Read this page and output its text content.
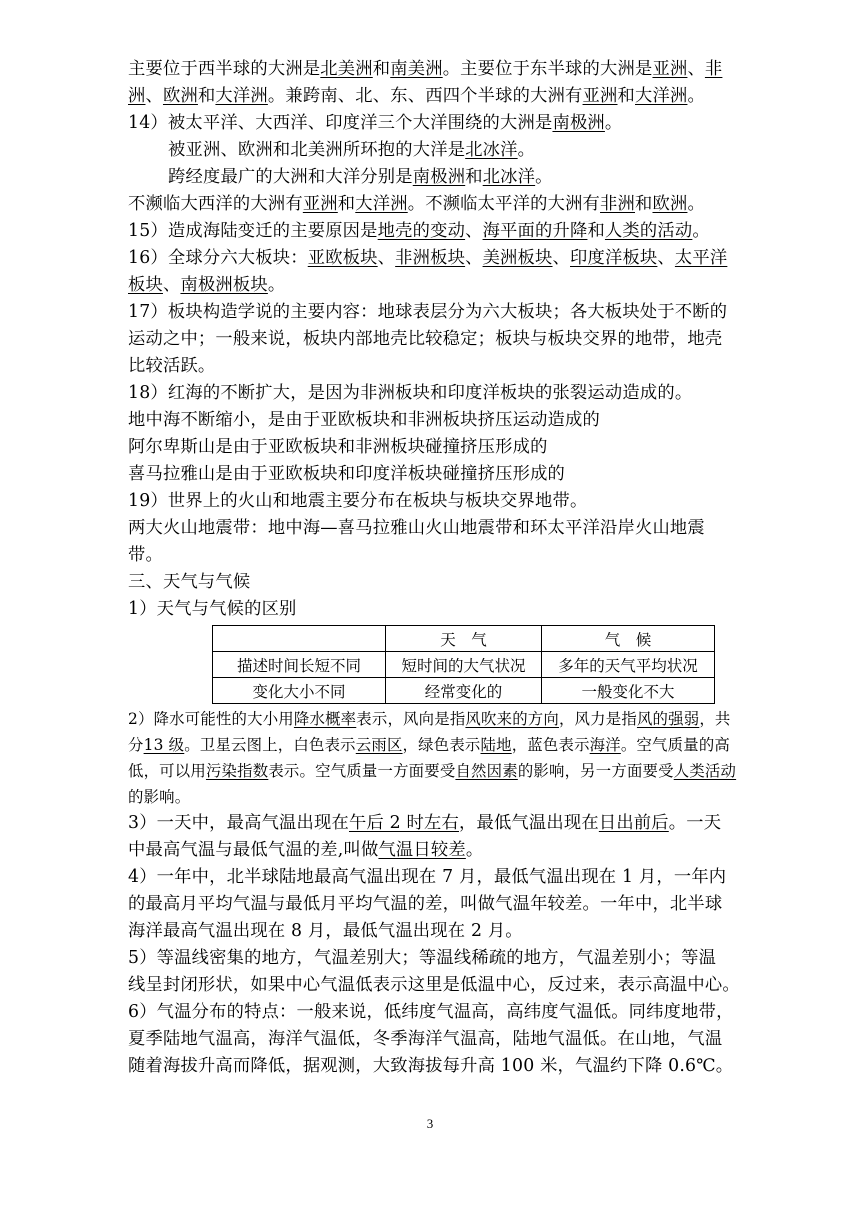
主要位于西半球的大洲是北美洲和南美洲。主要位于东半球的大洲是亚洲、非
洲、欧洲和大洋洲。兼跨南、北、东、西四个半球的大洲有亚洲和大洋洲。
14）被太平洋、大西洋、印度洋三个大洋围绕的大洲是南极洲。
被亚洲、欧洲和北美洲所环抱的大洋是北冰洋。
跨经度最广的大洲和大洋分别是南极洲和北冰洋。
不濒临大西洋的大洲有亚洲和大洋洲。不濒临太平洋的大洲有非洲和欧洲。
15）造成海陆变迁的主要原因是地壳的变动、海平面的升降和人类的活动。
16）全球分六大板块：亚欧板块、非洲板块、美洲板块、印度洋板块、太平洋
板块、南极洲板块。
17）板块构造学说的主要内容：地球表层分为六大板块；各大板块处于不断的
运动之中；一般来说，板块内部地壳比较稳定；板块与板块交界的地带，地壳
比较活跃。
18）红海的不断扩大，是因为非洲板块和印度洋板块的张裂运动造成的。
地中海不断缩小，是由于亚欧板块和非洲板块挤压运动造成的
阿尔卑斯山是由于亚欧板块和非洲板块碰撞挤压形成的
喜马拉雅山是由于亚欧板块和印度洋板块碰撞挤压形成的
19）世界上的火山和地震主要分布在板块与板块交界地带。
两大火山地震带：地中海—喜马拉雅山火山地震带和环太平洋沿岸火山地震
带。
三、天气与气候
1）天气与气候的区别
	天　气	气　候
描述时间长短不同	短时间的大气状况	多年的天气平均状况
变化大小不同	经常变化的	一般变化不大
2）降水可能性的大小用降水概率表示，风向是指风吹来的方向，风力是指风的强弱，共
分13 级。卫星云图上，白色表示云雨区，绿色表示陆地，蓝色表示海洋。空气质量的高
低，可以用污染指数表示。空气质量一方面要受自然因素的影响，另一方面要受人类活动
的影响。
3）一天中，最高气温出现在午后 2 时左右，最低气温出现在日出前后。一天
中最高气温与最低气温的差,叫做气温日较差。
4）一年中，北半球陆地最高气温出现在 7 月，最低气温出现在 1 月，一年内
的最高月平均气温与最低月平均气温的差，叫做气温年较差。一年中，北半球
海洋最高气温出现在 8 月，最低气温出现在 2 月。
5）等温线密集的地方，气温差别大；等温线稀疏的地方，气温差别小；等温
线呈封闭形状，如果中心气温低表示这里是低温中心，反过来，表示高温中心。
6）气温分布的特点：一般来说，低纬度气温高，高纬度气温低。同纬度地带，
夏季陆地气温高，海洋气温低，冬季海洋气温高，陆地气温低。在山地，气温
随着海拔升高而降低，据观测，大致海拔每升高 100 米，气温约下降 0.6℃。
3
